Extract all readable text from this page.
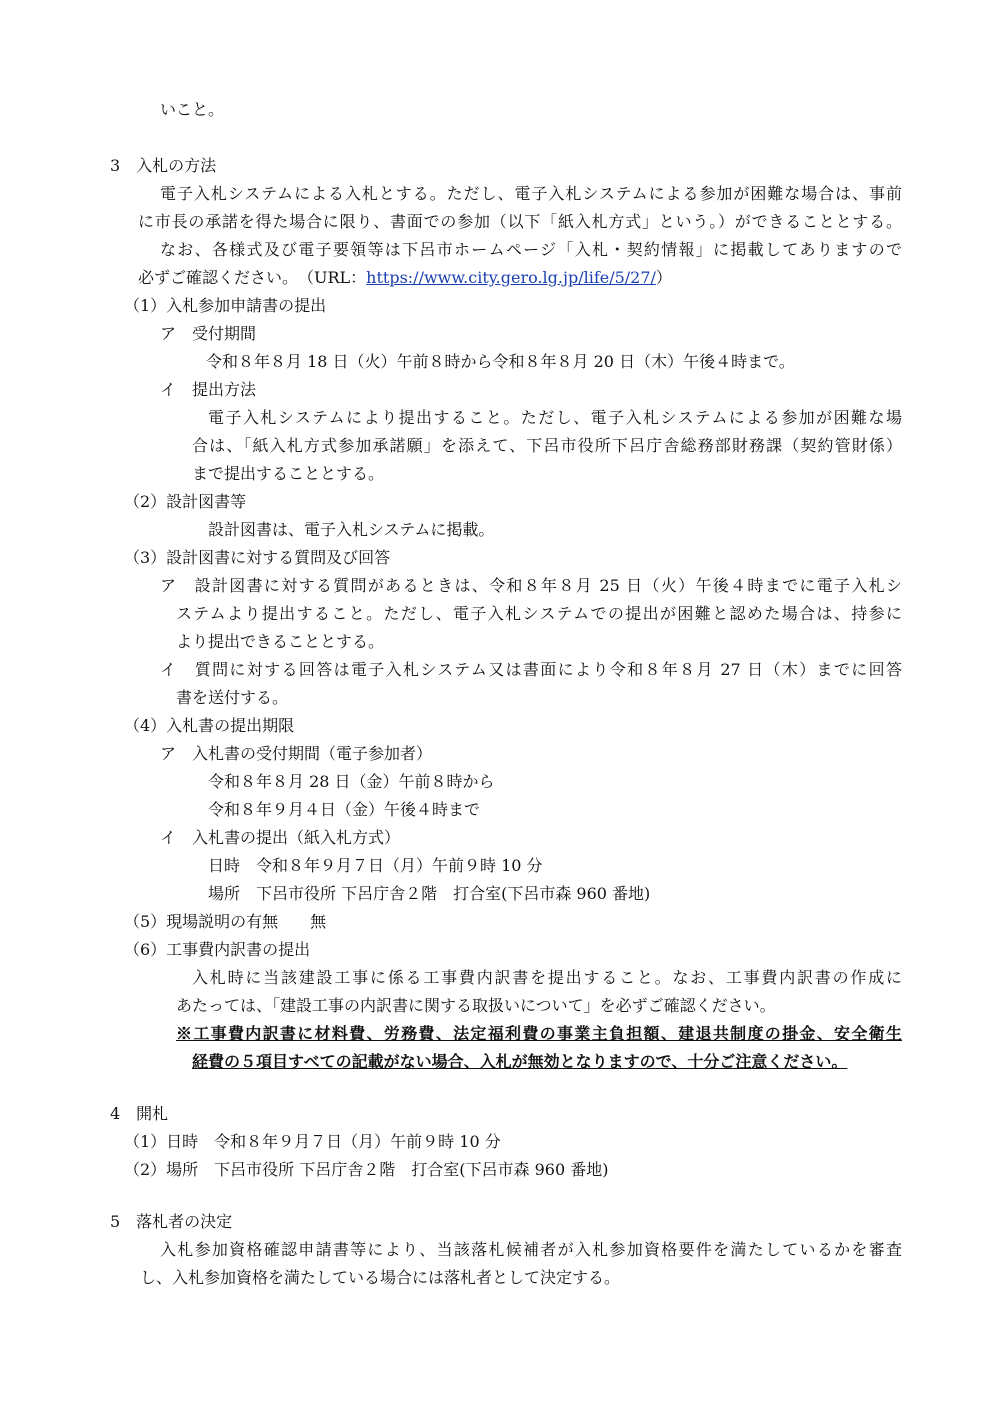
いこと。
3　入札の方法
電子入札システムによる入札とする。ただし、電子入札システムによる参加が困難な場合は、事前
に市長の承諾を得た場合に限り、書面での参加（以下「紙入札方式」という。）ができることとする。
なお、各様式及び電子要領等は下呂市ホームページ「入札・契約情報」に掲載してありますので
必ずご確認ください。　（URL：https://www.city.gero.lg.jp/life/5/27/）
（1）入札参加申請書の提出
ア　受付期間
令和８年８月 18 日（火）午前８時から令和８年８月 20 日（木）午後４時まで。
イ　提出方法
電子入札システムにより提出すること。ただし、電子入札システムによる参加が困難な場
合は、「紙入札方式参加承諾願」を添えて、下呂市役所下呂庁舎総務部財務課（契約管財係）
まで提出することとする。
（2）設計図書等
設計図書は、電子入札システムに掲載。
（3）設計図書に対する質問及び回答
ア　設計図書に対する質問があるときは、令和８年８月 25 日（火）午後４時までに電子入札シ
ステムより提出すること。ただし、電子入札システムでの提出が困難と認めた場合は、持参に
より提出できることとする。
イ　質問に対する回答は電子入札システム又は書面により令和８年８月 27 日（木）までに回答
書を送付する。
（4）入札書の提出期限
ア　入札書の受付期間（電子参加者）
令和８年８月 28 日（金）午前８時から
令和８年９月４日（金）午後４時まで
イ　入札書の提出（紙入札方式）
日時　令和８年９月７日（月）午前９時 10 分
場所　下呂市役所 下呂庁舎２階　打合室(下呂市森 960 番地)
（5）現場説明の有無　　無
（6）工事費内訳書の提出
入札時に当該建設工事に係る工事費内訳書を提出すること。なお、工事費内訳書の作成に
あたっては、「建設工事の内訳書に関する取扱いについて」を必ずご確認ください。
※工事費内訳書に材料費、労務費、法定福利費の事業主負担額、建退共制度の掛金、安全衛生
経費の５項目すべての記載がない場合、入札が無効となりますので、十分ご注意ください。
4　開札
（1）日時　令和８年９月７日（月）午前９時 10 分
（2）場所　下呂市役所 下呂庁舎２階　打合室(下呂市森 960 番地)
5　落札者の決定
入札参加資格確認申請書等により、当該落札候補者が入札参加資格要件を満たしているかを審査
し、入札参加資格を満たしている場合には落札者として決定する。
